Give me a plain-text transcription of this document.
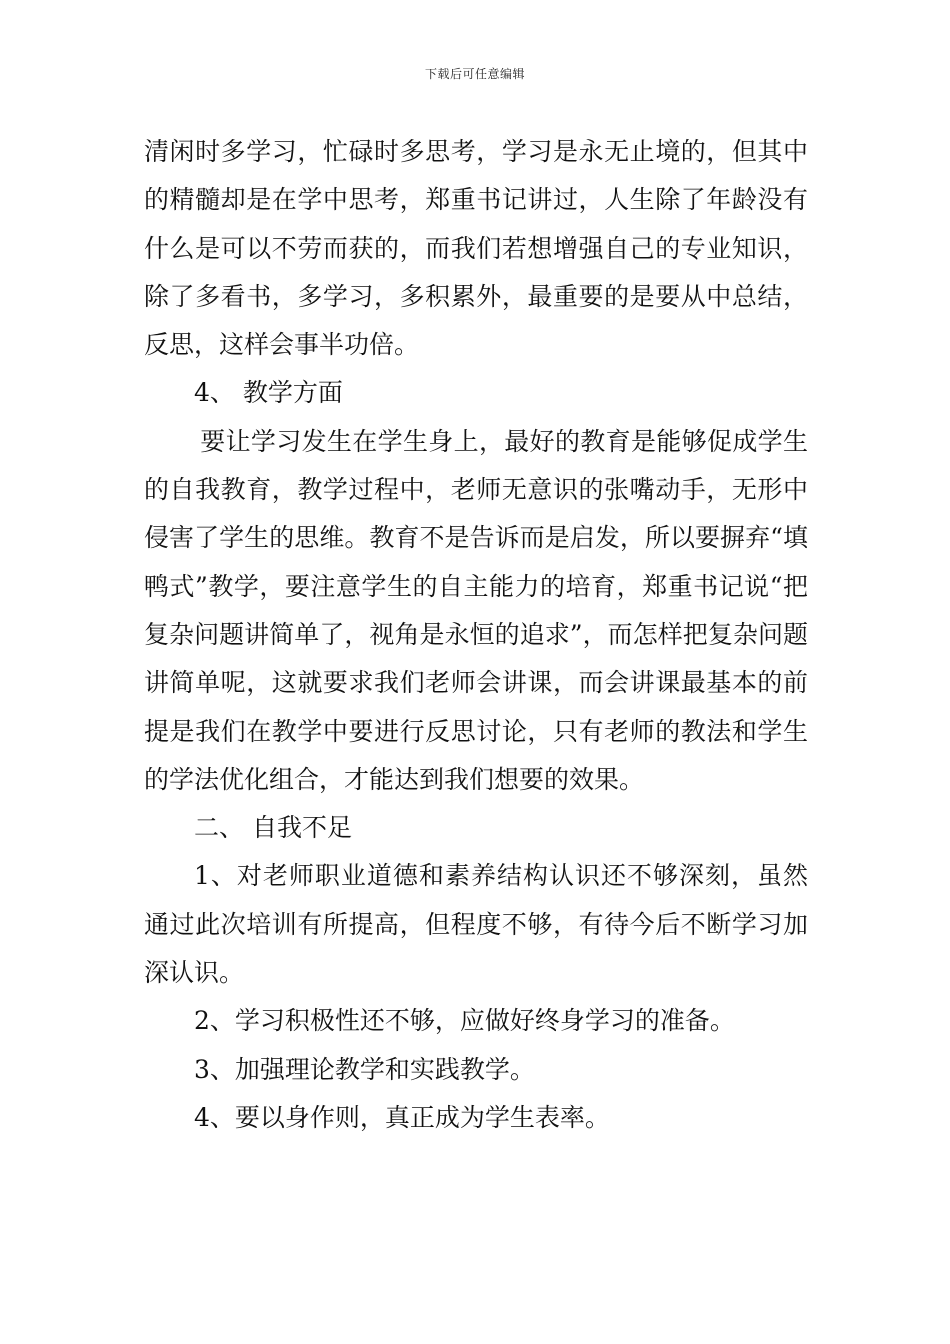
下载后可任意编辑

清闲时多学习，忙碌时多思考，学习是永无止境的，但其中的精髓却是在学中思考，郑重书记讲过，人生除了年龄没有什么是可以不劳而获的，而我们若想增强自己的专业知识，除了多看书，多学习，多积累外，最重要的是要从中总结，反思，这样会事半功倍。

4、 教学方面

要让学习发生在学生身上，最好的教育是能够促成学生的自我教育，教学过程中，老师无意识的张嘴动手，无形中侵害了学生的思维。教育不是告诉而是启发，所以要摒弃“填鸭式”教学，要注意学生的自主能力的培育，郑重书记说“把复杂问题讲简单了，视角是永恒的追求”，而怎样把复杂问题讲简单呢，这就要求我们老师会讲课，而会讲课最基本的前提是我们在教学中要进行反思讨论，只有老师的教法和学生的学法优化组合，才能达到我们想要的效果。

二、 自我不足

1、对老师职业道德和素养结构认识还不够深刻，虽然通过此次培训有所提高，但程度不够，有待今后不断学习加深认识。

2、学习积极性还不够，应做好终身学习的准备。

3、加强理论教学和实践教学。

4、要以身作则，真正成为学生表率。
